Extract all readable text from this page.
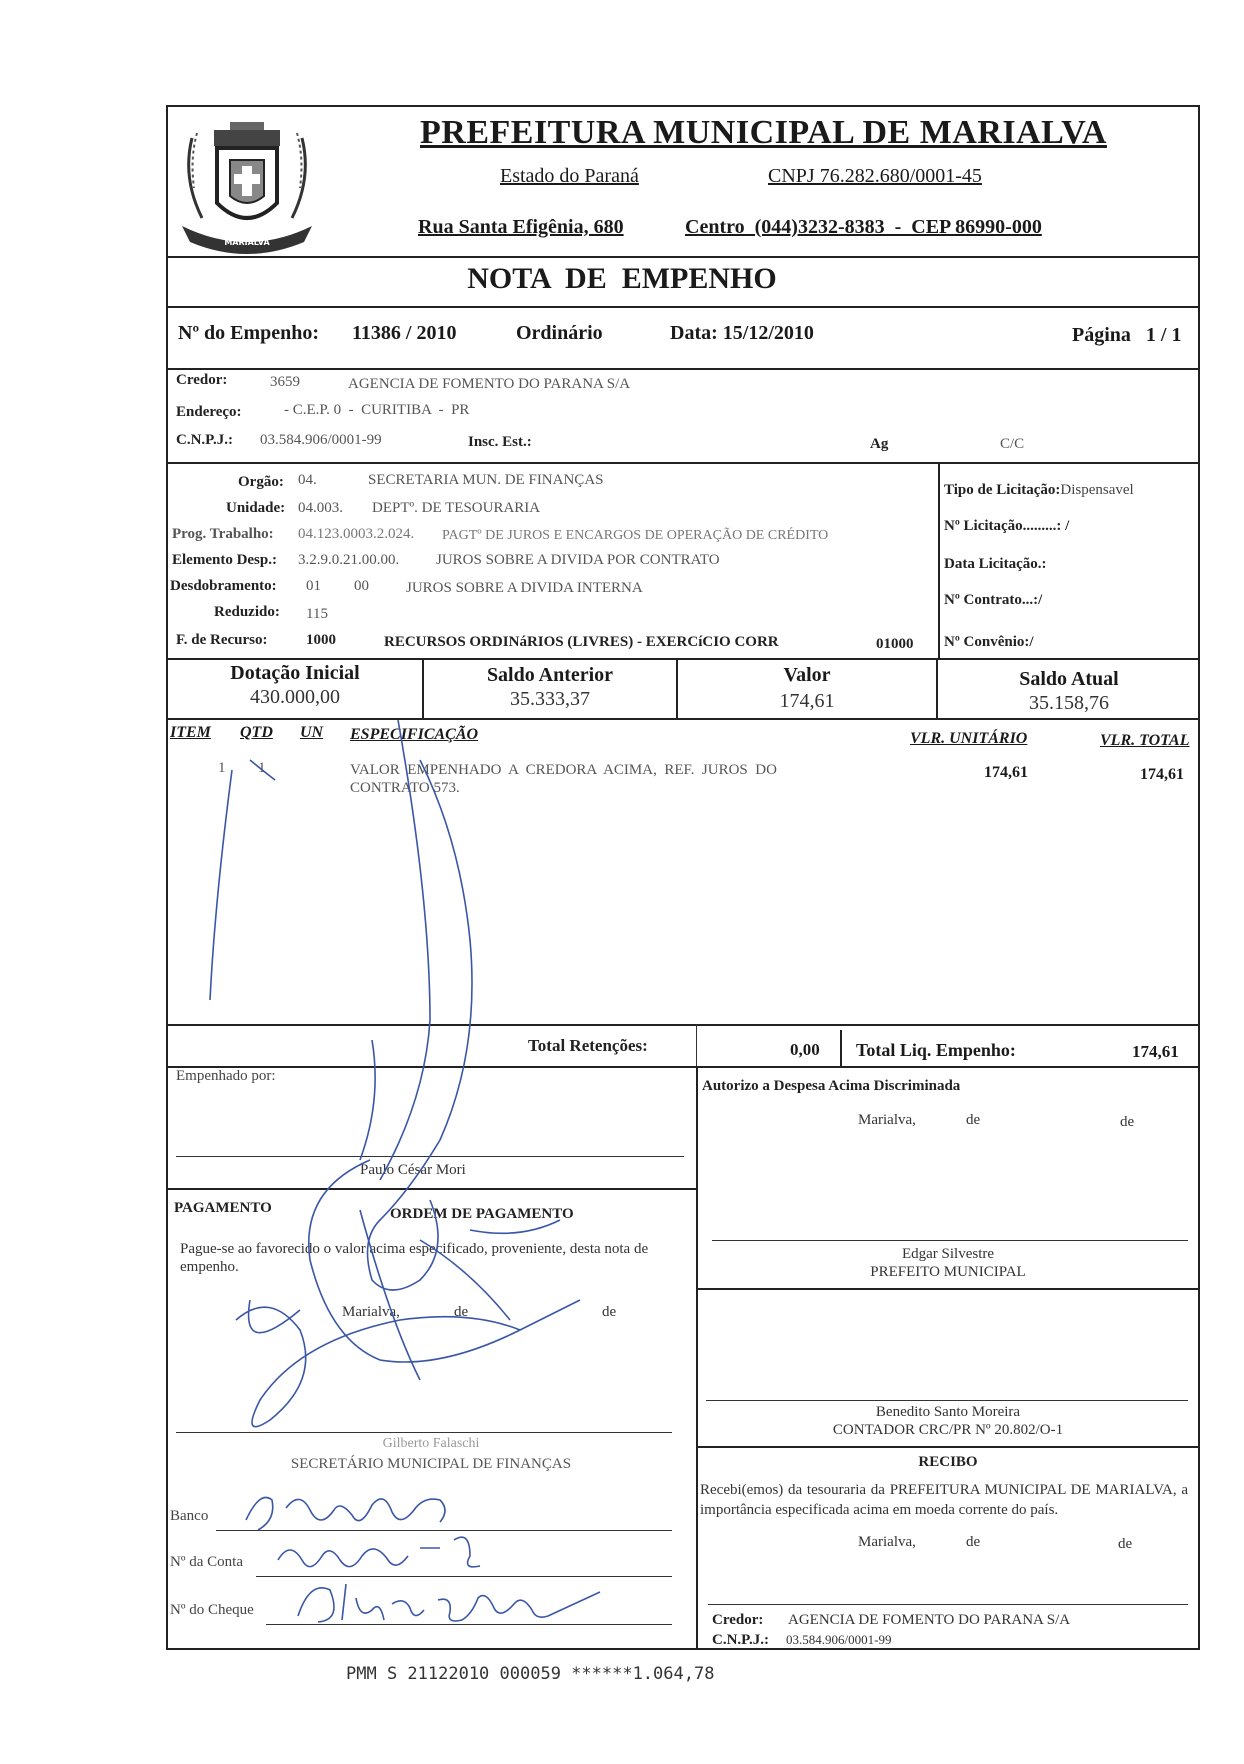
MARIALVA
PREFEITURA MUNICIPAL DE MARIALVA
Estado do Paraná	CNPJ 76.282.680/0001-45
Rua Santa Efigênia, 680	Centro  (044)3232-8383  -  CEP 86990-000
NOTA  DE  EMPENHO
Nº do Empenho: 11386 / 2010	Ordinário	Data: 15/12/2010	Página   1 / 1
Credor:	3659	AGENCIA DE FOMENTO DO PARANA S/A
Endereço:	- C.E.P. 0  -  CURITIBA  -  PR
C.N.P.J.: 03.584.906/0001-99	Insc. Est.:	Ag	C/C
Orgão: 04.	SECRETARIA MUN. DE FINANÇAS
Unidade: 04.003. DEPTº. DE TESOURARIA
Prog. Trabalho: 04.123.0003.2.024. PAGTº DE JUROS E ENCARGOS DE OPERAÇÃO DE CRÉDITO
Elemento Desp.: 3.2.9.0.21.00.00. JUROS SOBRE A DIVIDA POR CONTRATO
Desdobramento: 01 00 JUROS SOBRE A DIVIDA INTERNA
Reduzido: 115
F. de Recurso:	1000	RECURSOS ORDINáRIOS (LIVRES) - EXERCíCIO CORR	01000
Tipo de Licitação:Dispensavel
Nº Licitação.........: /
Data Licitação.:
Nº Contrato...:/
Nº Convênio:/
Dotação Inicial
430.000,00
Saldo Anterior
35.333,37
Valor
174,61
Saldo Atual
35.158,76
ITEM QTD UN ESPECIFICAÇÃO	VLR. UNITÁRIO	VLR. TOTAL
1 1	VALOR  EMPENHADO  A  CREDORA  ACIMA,  REF.  JUROS  DO
CONTRATO 573.
174,61	174,61
Total Retenções:	0,00 Total Liq. Empenho:	174,61
Empenhado por:
Paulo César Mori
Autorizo a Despesa Acima Discriminada
Marialva,	de	de
Edgar Silvestre
PREFEITO MUNICIPAL
PAGAMENTO	ORDEM DE PAGAMENTO
Pague-se ao favorecido o valor acima especificado, proveniente, desta nota de empenho.
Marialva,	de	de
Gilberto Falaschi
SECRETÁRIO MUNICIPAL DE FINANÇAS
Banco
Nº da Conta
Nº do Cheque
Benedito Santo Moreira
CONTADOR CRC/PR Nº 20.802/O-1
RECIBO
Recebi(emos) da tesouraria da PREFEITURA MUNICIPAL DE MARIALVA, a importância especificada acima em moeda corrente do país.
Marialva,	de	de
Credor: AGENCIA DE FOMENTO DO PARANA S/A
C.N.P.J.: 03.584.906/0001-99
PMM S 21122010 000059 ******1.064,78
